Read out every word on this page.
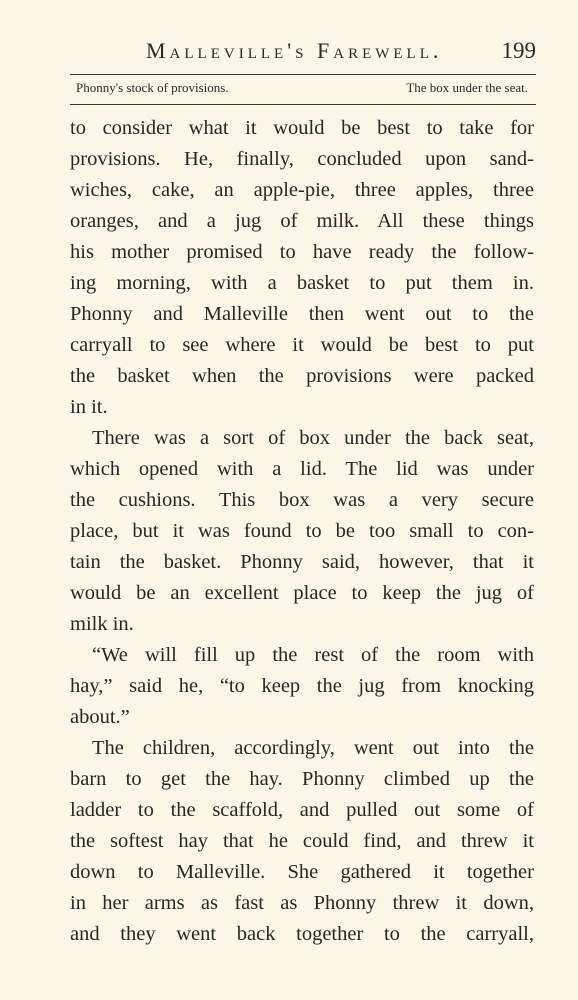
Malleville's Farewell.	199
Phonny's stock of provisions.	The box under the seat.
to consider what it would be best to take for
provisions. He, finally, concluded upon sand-
wiches, cake, an apple-pie, three apples, three
oranges, and a jug of milk. All these things
his mother promised to have ready the follow-
ing morning, with a basket to put them in.
Phonny and Malleville then went out to the
carryall to see where it would be best to put
the basket when the provisions were packed
in it.
There was a sort of box under the back seat,
which opened with a lid. The lid was under
the cushions. This box was a very secure
place, but it was found to be too small to con-
tain the basket. Phonny said, however, that it
would be an excellent place to keep the jug of
milk in.
“We will fill up the rest of the room with
hay,” said he, “to keep the jug from knocking
about.”
The children, accordingly, went out into the
barn to get the hay. Phonny climbed up the
ladder to the scaffold, and pulled out some of
the softest hay that he could find, and threw it
down to Malleville. She gathered it together
in her arms as fast as Phonny threw it down,
and they went back together to the carryall,
